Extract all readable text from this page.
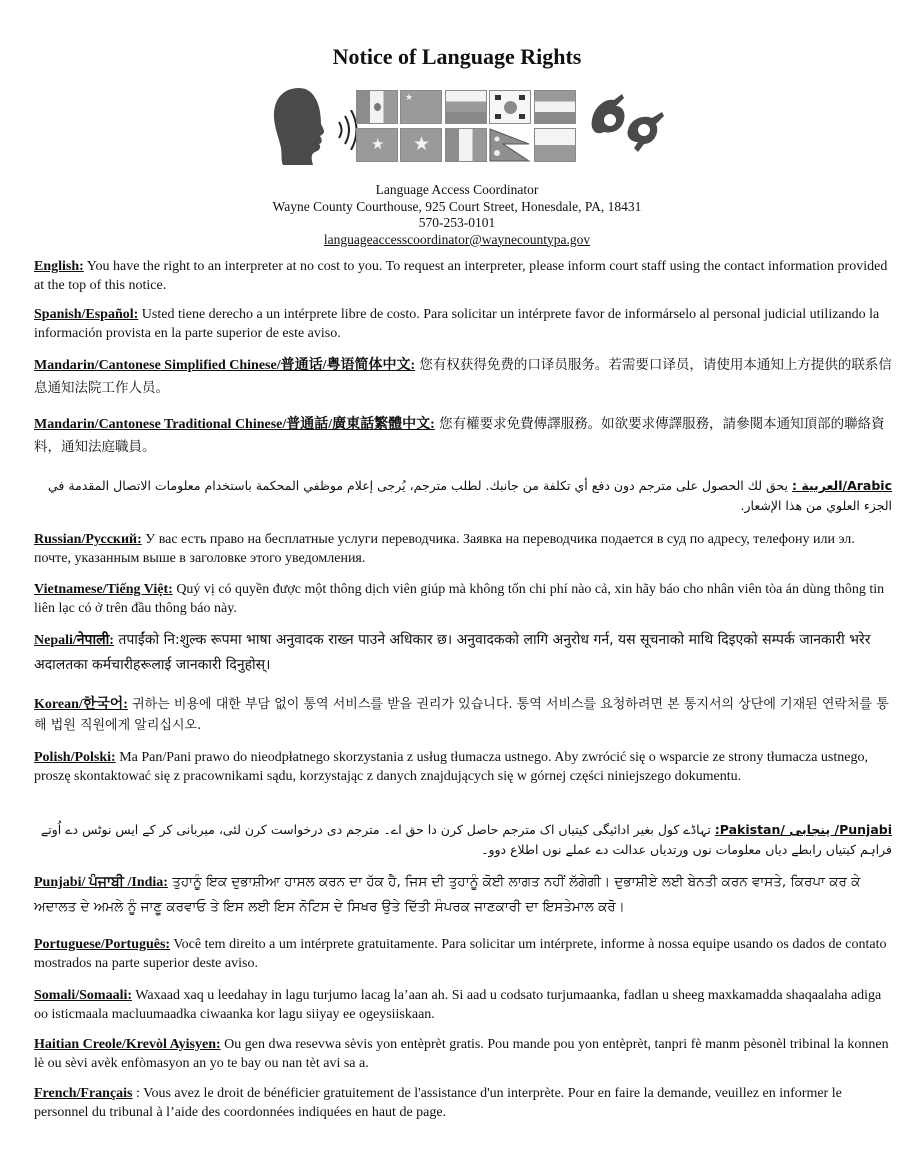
Notice of Language Rights
★
★ ★
Language Access Coordinator
Wayne County Courthouse, 925 Court Street, Honesdale, PA, 18431
570-253-0101
languageaccesscoordinator@waynecountypa.gov
English: You have the right to an interpreter at no cost to you. To request an interpreter, please inform court staff using the contact information provided at the top of this notice.
Spanish/Español: Usted tiene derecho a un intérprete libre de costo. Para solicitar un intérprete favor de informárselo al personal judicial utilizando la información provista en la parte superior de este aviso.
Mandarin/Cantonese Simplified Chinese/普通话/粤语简体中文: 您有权获得免费的口译员服务。若需要口译员，请使用本通知上方提供的联系信息通知法院工作人员。
Mandarin/Cantonese Traditional Chinese/普通話/廣東話繁體中文: 您有權要求免費傳譯服務。如欲要求傳譯服務，請參閱本通知頂部的聯絡資料，通知法庭職員。
Arabic/العربية : يحق لك الحصول على مترجم دون دفع أي تكلفة من جانبك. لطلب مترجم، يُرجى إعلام موظفي المحكمة باستخدام معلومات الاتصال المقدمة في الجزء العلوي من هذا الإشعار.
Russian/Русский: У вас есть право на бесплатные услуги переводчика. Заявка на переводчика подается в суд по адресу, телефону или эл. почте, указанным выше в заголовке этого уведомления.
Vietnamese/Tiếng Việt: Quý vị có quyền được một thông dịch viên giúp mà không tốn chi phí nào cả, xin hãy báo cho nhân viên tòa án dùng thông tin liên lạc có ở trên đầu thông báo này.
Nepali/नेपाली: तपाईंको नि:शुल्क रूपमा भाषा अनुवादक राख्न पाउने अधिकार छ। अनुवादकको लागि अनुरोध गर्न, यस सूचनाको माथि दिइएको सम्पर्क जानकारी भरेर अदालतका कर्मचारीहरूलाई जानकारी दिनुहोस्।
Korean/한국어: 귀하는 비용에 대한 부담 없이 통역 서비스를 받을 권리가 있습니다. 통역 서비스를 요청하려면 본 통지서의 상단에 기재된 연락처를 통해 법원 직원에게 알리십시오.
Polish/Polski: Ma Pan/Pani prawo do nieodpłatnego skorzystania z usług tłumacza ustnego. Aby zwrócić się o wsparcie ze strony tłumacza ustnego, proszę skontaktować się z pracownikami sądu, korzystając z danych znajdujących się w górnej części niniejszego dokumentu.
Punjabi/ پنجابی /Pakistan: تہاڈے کول بغیر ادائیگی کیتیاں اک مترجم حاصل کرن دا حق اے۔ مترجم دی درخواست کرن لئی، میربانی کر کے ایس نوٹس دے اُوتے فراہم کیتیاں رابطے دیاں معلومات نوں ورتدیاں عدالت دے عملے نوں اطلاع دوو۔
Punjabi/ ਪੰਜਾਬੀ /India: ਤੁਹਾਨੂੰ ਇਕ ਦੁਭਾਸ਼ੀਆ ਹਾਸਲ ਕਰਨ ਦਾ ਹੱਕ ਹੈ, ਜਿਸ ਦੀ ਤੁਹਾਨੂੰ ਕੋਈ ਲਾਗਤ ਨਹੀਂ ਲੱਗੇਗੀ। ਦੁਭਾਸ਼ੀਏ ਲਈ ਬੇਨਤੀ ਕਰਨ ਵਾਸਤੇ, ਕਿਰਪਾ ਕਰ ਕੇ ਅਦਾਲਤ ਦੇ ਅਮਲੇ ਨੂੰ ਜਾਣੂ ਕਰਵਾਓ ਤੇ ਇਸ ਲਈ ਇਸ ਨੋਟਿਸ ਦੇ ਸਿਖਰ ਉਤੇ ਦਿੱਤੀ ਸੰਪਰਕ ਜਾਣਕਾਰੀ ਦਾ ਇਸਤੇਮਾਲ ਕਰੋ।
Portuguese/Português: Você tem direito a um intérprete gratuitamente. Para solicitar um intérprete, informe à nossa equipe usando os dados de contato mostrados na parte superior deste aviso.
Somali/Somaali: Waxaad xaq u leedahay in lagu turjumo lacag la’aan ah. Si aad u codsato turjumaanka, fadlan u sheeg maxkamadda shaqaalaha adiga oo isticmaala macluumaadka ciwaanka kor lagu siiyay ee ogeysiiskaan.
Haitian Creole/Krevòl Ayisyen: Ou gen dwa resevwa sèvis yon entèprèt gratis. Pou mande pou yon entèprèt, tanpri fè manm pèsonèl tribinal la konnen lè ou sèvi avèk enfòmasyon an yo te bay ou nan tèt avi sa a.
French/Français : Vous avez le droit de bénéficier gratuitement de l'assistance d'un interprète. Pour en faire la demande, veuillez en informer le personnel du tribunal à l’aide des coordonnées indiquées en haut de page.
